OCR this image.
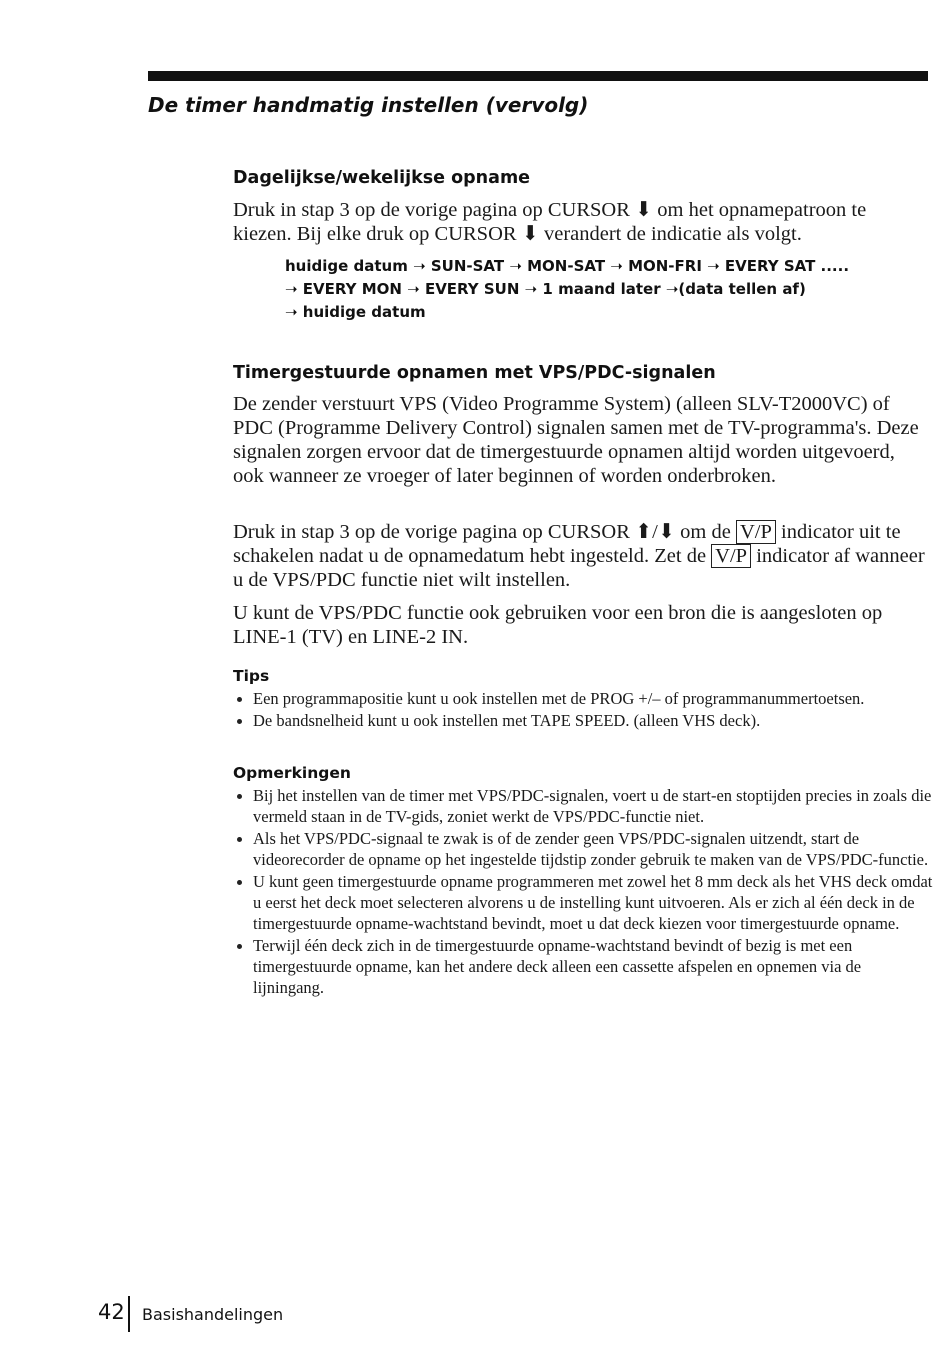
De timer handmatig instellen (vervolg)
Dagelijkse/wekelijkse opname
Druk in stap 3 op de vorige pagina op CURSOR ⬇ om het opnamepatroon te
kiezen. Bij elke druk op CURSOR ⬇ verandert de indicatie als volgt.
huidige datum ➝ SUN-SAT ➝ MON-SAT ➝ MON-FRI ➝ EVERY SAT .....
➝ EVERY MON ➝ EVERY SUN ➝ 1 maand later ➝(data tellen af)
➝ huidige datum
Timergestuurde opnamen met VPS/PDC-signalen
De zender verstuurt VPS (Video Programme System) (alleen SLV-T2000VC) of PDC (Programme Delivery Control) signalen samen met de TV-programma's. Deze signalen zorgen ervoor dat de timergestuurde opnamen altijd worden uitgevoerd, ook wanneer ze vroeger of later beginnen of worden onderbroken.
Druk in stap 3 op de vorige pagina op CURSOR ⬆/⬇ om de V/P indicator uit te schakelen nadat u de opnamedatum hebt ingesteld. Zet de V/P indicator af wanneer u de VPS/PDC functie niet wilt instellen.
U kunt de VPS/PDC functie ook gebruiken voor een bron die is aangesloten op LINE-1 (TV) en LINE-2 IN.
Tips
Een programmapositie kunt u ook instellen met de PROG +/– of programmanummertoetsen.
De bandsnelheid kunt u ook instellen met TAPE SPEED. (alleen VHS deck).
Opmerkingen
Bij het instellen van de timer met VPS/PDC-signalen, voert u de start-en stoptijden precies in zoals die vermeld staan in de TV-gids, zoniet werkt de VPS/PDC-functie niet.
Als het VPS/PDC-signaal te zwak is of de zender geen VPS/PDC-signalen uitzendt, start de videorecorder de opname op het ingestelde tijdstip zonder gebruik te maken van de VPS/PDC-functie.
U kunt geen timergestuurde opname programmeren met zowel het 8 mm deck als het VHS deck omdat u eerst het deck moet selecteren alvorens u de instelling kunt uitvoeren. Als er zich al één deck in de timergestuurde opname-wachtstand bevindt, moet u dat deck kiezen voor timergestuurde opname.
Terwijl één deck zich in de timergestuurde opname-wachtstand bevindt of bezig is met een timergestuurde opname, kan het andere deck alleen een cassette afspelen en opnemen via de lijningang.
42 Basishandelingen
